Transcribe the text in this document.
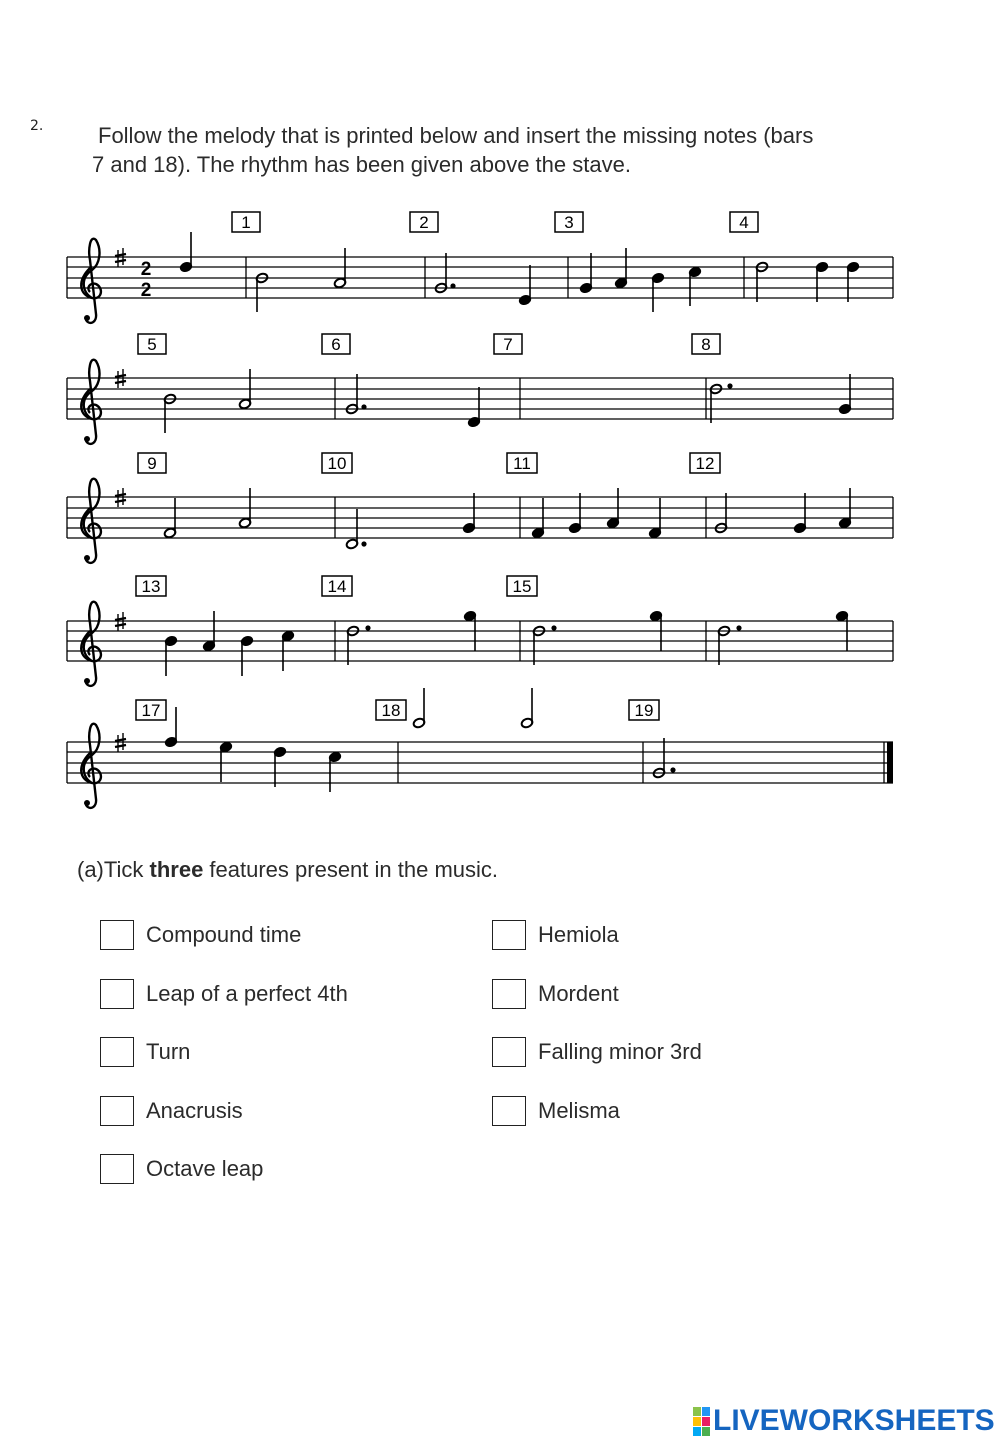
2. Follow the melody that is printed below and insert the missing notes (bars
7 and 18). The rhythm has been given above the stave.
1	2	3	4
2
2
5	6	7	8
9	10	11	12
13	14	15
17	18	19
(a)Tick three features present in the music.
Compound time
Leap of a perfect 4th
Turn
Anacrusis
Octave leap
Hemiola
Mordent
Falling minor 3rd
Melisma
LIVEWORKSHEETS
